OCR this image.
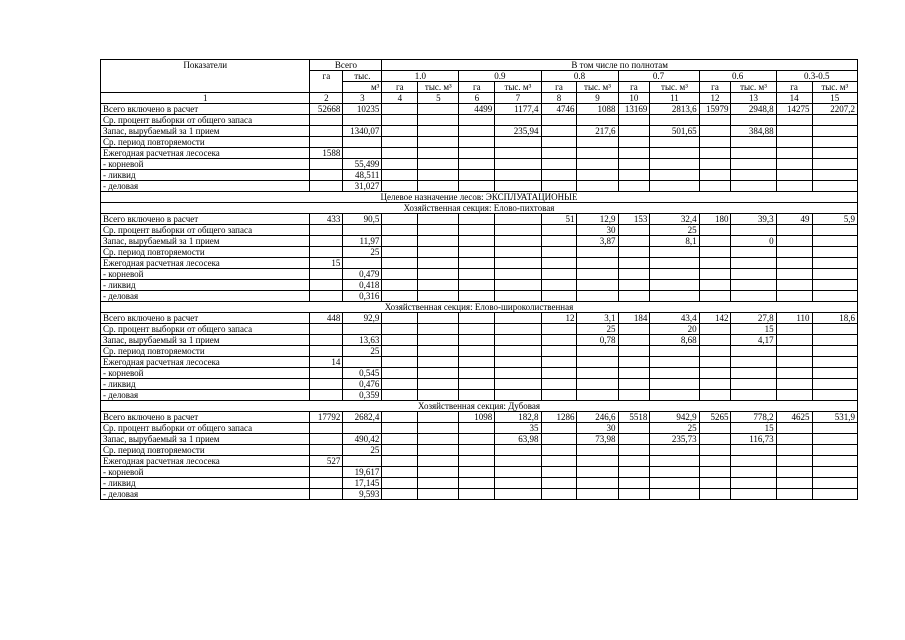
Показатели	Всего		В том числе по полнотам											
	га	тыс.	1.0		0.9		0.8		0.7		0.6		0.3-0.5	
		м³	га	тыс. м³	га	тыс. м³	га	тыс. м³	га	тыс. м³	га	тыс. м³	га	тыс. м³
1	2	3	4	5	6	7	8	9	10	11	12	13	14	15
Всего включено в расчет	52668	10235			4499	1177,4	4746	1088	13169	2813,6	15979	2948,8	14275	2207,2
Ср. процент выборки от общего запаса														
Запас, вырубаемый за 1 прием		1340,07				235,94		217,6		501,65		384,88		
Ср. период повторяемости														
Ежегодная расчетная лесосека	1588													
- корневой		55,499												
- ликвид		48,511												
- деловая		31,027												
Целевое назначение лесов: ЭКСПЛУАТАЦИОНЫЕ														
Хозяйственная секция: Елово-пихтовая														
Всего включено в расчет	433	90,5					51	12,9	153	32,4	180	39,3	49	5,9
Ср. процент выборки от общего запаса								30		25				
Запас, вырубаемый за 1 прием		11,97						3,87		8,1		0		
Ср. период повторяемости		25												
Ежегодная расчетная лесосека	15													
- корневой		0,479												
- ликвид		0,418												
- деловая		0,316												
Хозяйственная секция: Елово-широколиственная														
Всего включено в расчет	448	92,9					12	3,1	184	43,4	142	27,8	110	18,6
Ср. процент выборки от общего запаса								25		20		15		
Запас, вырубаемый за 1 прием		13,63						0,78		8,68		4,17		
Ср. период повторяемости		25												
Ежегодная расчетная лесосека	14													
- корневой		0,545												
- ликвид		0,476												
- деловая		0,359												
Хозяйственная секция: Дубовая														
Всего включено в расчет	17792	2682,4			1098	182,8	1286	246,6	5518	942,9	5265	778,2	4625	531,9
Ср. процент выборки от общего запаса						35		30		25		15		
Запас, вырубаемый за 1 прием		490,42				63,98		73,98		235,73		116,73		
Ср. период повторяемости		25												
Ежегодная расчетная лесосека	527													
- корневой		19,617												
- ликвид		17,145												
- деловая		9,593												
